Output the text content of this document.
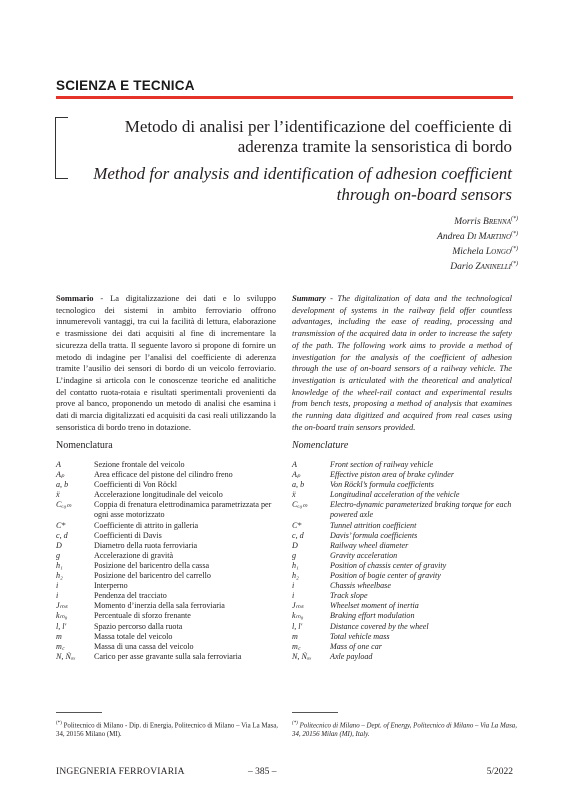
SCIENZA E TECNICA
Metodo di analisi per l’identificazione del coefficiente di aderenza tramite la sensoristica di bordo
Method for analysis and identification of adhesion coefficient through on-board sensors
Morris Brenna(*)
Andrea Di Martino(*)
Michela Longo(*)
Dario Zaninelli(*)
Sommario - La digitalizzazione dei dati e lo sviluppo tecnologico dei sistemi in ambito ferroviario offrono innumerevoli vantaggi, tra cui la facilità di lettura, elaborazione e trasmissione dei dati acquisiti al fine di incrementare la sicurezza della tratta. Il seguente lavoro si propone di fornire un metodo di indagine per l’analisi del coefficiente di aderenza tramite l’ausilio dei sensori di bordo di un veicolo ferroviario. L’indagine si articola con le conoscenze teoriche ed analitiche del contatto ruota-rotaia e risultati sperimentali provenienti da prove al banco, proponendo un metodo di analisi che esamina i dati di marcia digitalizzati ed acquisiti da casi reali utilizzando la sensoristica di bordo treno in dotazione.
Summary - The digitalization of data and the technological development of systems in the railway field offer countless advantages, including the ease of reading, processing and transmission of the acquired data in order to increase the safety of the path. The following work aims to provide a method of investigation for the analysis of the coefficient of adhesion through the use of on-board sensors of a railway vehicle. The investigation is articulated with the theoretical and analytical knowledge of the wheel-rail contact and experimental results from bench tests, proposing a method of analysis that examines the running data digitized and acquired from real cases using the on-board train sensors provided.
Nomenclatura	Nomenclature
A	Sezione frontale del veicolo
Aₚ	Area efficace del pistone del cilindro freno
a, b	Coefficienti di Von Röckl
ẍ	Accelerazione longitudinale del veicolo
Cₑ₀ₘ	Coppia di frenatura elettrodinamica parametrizzata per ogni asse motorizzato
C*	Coefficiente di attrito in galleria
c, d	Coefficienti di Davis
D	Diametro della ruota ferroviaria
g	Accelerazione di gravità
h₁	Posizione del baricentro della cassa
h₂	Posizione del baricentro del carrello
i	Interperno
i	Pendenza del tracciato
Jₘₛ	Momento d’inerzia della sala ferroviaria
kₘ₀	Percentuale di sforzo frenante
l, l′	Spazio percorso dalla ruota
m	Massa totale del veicolo
m꜀	Massa di una cassa del veicolo
N, Ṅₐₓ Carico per asse gravante sulla sala ferroviaria
A	Front section of railway vehicle
Aₚ	Effective piston area of brake cylinder
a, b	Von Röckl’s formula coefficients
ẍ	Longitudinal acceleration of the vehicle
Cₑ₀ₘ	Electro-dynamic parameterized braking torque for each powered axle
C*	Tunnel attrition coefficient
c, d	Davis’ formula coefficients
D	Railway wheel diameter
g	Gravity acceleration
h₁	Position of chassis center of gravity
h₂	Position of bogie center of gravity
i	Chassis wheelbase
i	Track slope
Jₘₛ	Wheelset moment of inertia
kₘ₀	Braking effort modulation
l, l′	Distance covered by the wheel
m	Total vehicle mass
m꜀	Mass of one car
N, Ṅₐₓ Axle payload
(*) Politecnico di Milano - Dip. di Energia, Politecnico di Milano – Via La Masa, 34, 20156 Milano (MI).
(*) Politecnico di Milano – Dept. of Energy, Politecnico di Milano – Via La Masa, 34, 20156 Milan (MI), Italy.
INGEGNERIA FERROVIARIA	– 385 –	5/2022
